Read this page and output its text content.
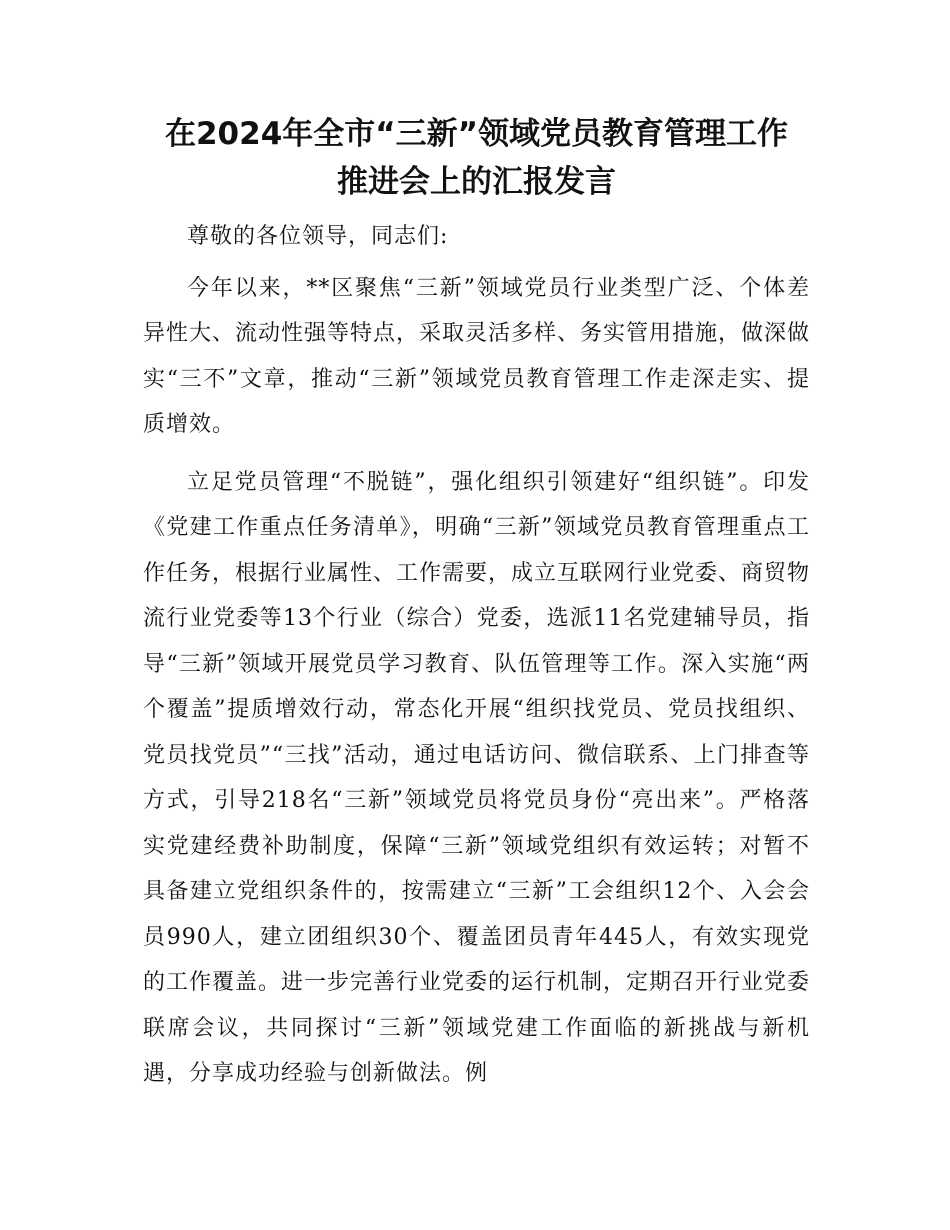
在2024年全市“三新”领域党员教育管理工作
推进会上的汇报发言

尊敬的各位领导，同志们:

今年以来，**区聚焦“三新”领域党员行业类型广泛、个体差异性大、流动性强等特点，采取灵活多样、务实管用措施，做深做实“三不”文章，推动“三新”领域党员教育管理工作走深走实、提质增效。

立足党员管理“不脱链”，强化组织引领建好“组织链”。印发《党建工作重点任务清单》，明确“三新”领域党员教育管理重点工作任务，根据行业属性、工作需要，成立互联网行业党委、商贸物流行业党委等13个行业（综合）党委，选派11名党建辅导员，指导“三新”领域开展党员学习教育、队伍管理等工作。深入实施“两个覆盖”提质增效行动，常态化开展“组织找党员、党员找组织、党员找党员”“三找”活动，通过电话访问、微信联系、上门排查等方式，引导218名“三新”领域党员将党员身份“亮出来”。严格落实党建经费补助制度，保障“三新”领域党组织有效运转；对暂不具备建立党组织条件的，按需建立“三新”工会组织12个、入会会员990人，建立团组织30个、覆盖团员青年445人，有效实现党的工作覆盖。进一步完善行业党委的运行机制，定期召开行业党委联席会议，共同探讨“三新”领域党建工作面临的新挑战与新机遇，分享成功经验与创新做法。例
